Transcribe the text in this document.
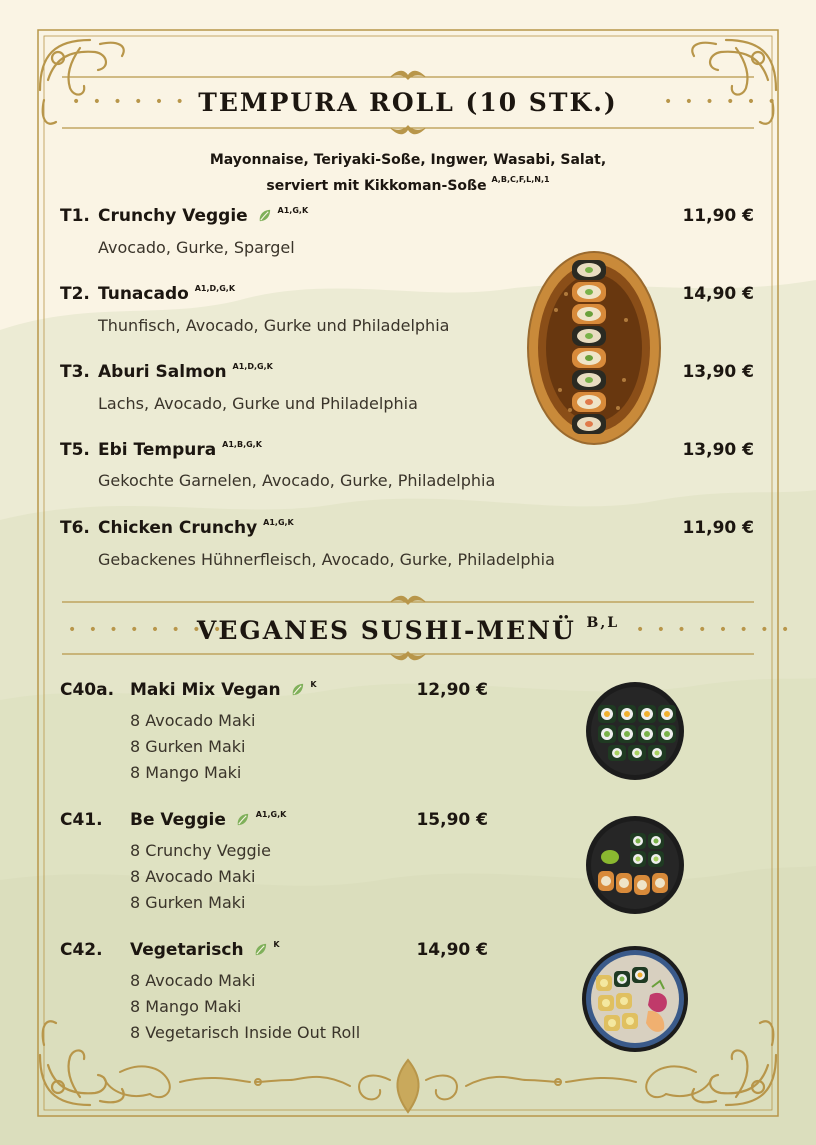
• • • • • •	• • • • • •
TEMPURA ROLL (10 STK.)
Mayonnaise, Teriyaki-Soße, Ingwer, Wasabi, Salat,
serviert mit Kikkoman-Soße $^{A,B,C,F,L,N,1}$
T1. Crunchy Veggie	$^{A1,G,K}$	11,90 €
Avocado, Gurke, Spargel
T2. Tunacado $^{A1,D,G,K}$	14,90 €
Thunfisch, Avocado, Gurke und Philadelphia
T3. Aburi Salmon $^{A1,D,G,K}$	13,90 €
Lachs, Avocado, Gurke und Philadelphia
T5. Ebi Tempura $^{A1,B,G,K}$	13,90 €
Gekochte Garnelen, Avocado, Gurke, Philadelphia
T6. Chicken Crunchy $^{A1,G,K}$	11,90 €
Gebackenes Hühnerfleisch, Avocado, Gurke, Philadelphia
• • • • • • • •	• • • • • • • •
VEGANES SUSHI-MENÜ $^{B,L}$
C40a. Maki Mix Vegan	$^K$	12,90 €
8 Avocado Maki
8 Gurken Maki
8 Mango Maki
C41. Be Veggie	$^{A1,G,K}$	15,90 €
8 Crunchy Veggie
8 Avocado Maki
8 Gurken Maki
C42. Vegetarisch	$^K$	14,90 €
8 Avocado Maki
8 Mango Maki
8 Vegetarisch Inside Out Roll
